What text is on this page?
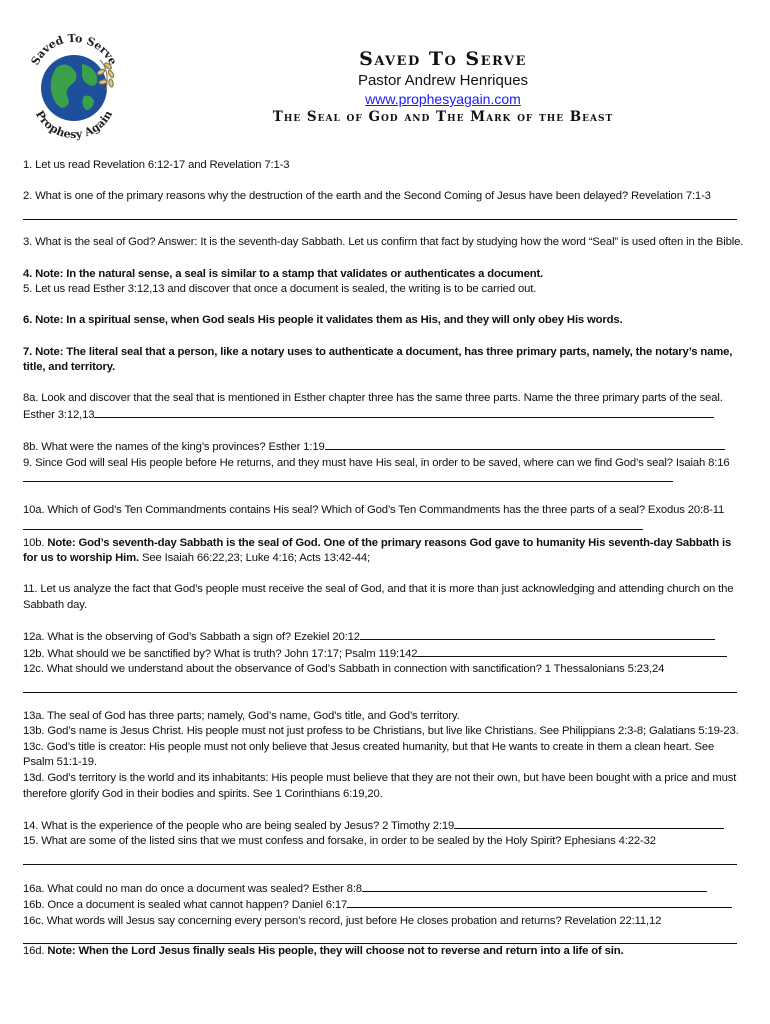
Saved To Serve
Prophesy Again
Saved To Serve
Pastor Andrew Henriques
www.prophesyagain.com
The Seal of God and The Mark of the Beast

1. Let us read Revelation 6:12-17 and Revelation 7:1-3

2. What is one of the primary reasons why the destruction of the earth and the Second Coming of Jesus have been delayed? Revelation 7:1-3

3. What is the seal of God? Answer: It is the seventh-day Sabbath. Let us confirm that fact by studying how the word “Seal” is used often in the Bible.

4. Note: In the natural sense, a seal is similar to a stamp that validates or authenticates a document.

5. Let us read Esther 3:12,13 and discover that once a document is sealed, the writing is to be carried out.

6. Note: In a spiritual sense, when God seals His people it validates them as His, and they will only obey His words.

7. Note: The literal seal that a person, like a notary uses to authenticate a document, has three primary parts, namely, the notary’s name, title, and territory.

8a. Look and discover that the seal that is mentioned in Esther chapter three has the same three parts. Name the three primary parts of the seal. Esther 3:12,13

8b. What were the names of the king’s provinces? Esther 1:19

9. Since God will seal His people before He returns, and they must have His seal, in order to be saved, where can we find God’s seal? Isaiah 8:16

10a. Which of God’s Ten Commandments contains His seal? Which of God’s Ten Commandments has the three parts of a seal? Exodus 20:8-11

10b. Note: God’s seventh-day Sabbath is the seal of God. One of the primary reasons God gave to humanity His seventh-day Sabbath is for us to worship Him. See Isaiah 66:22,23; Luke 4:16; Acts 13:42-44;

11. Let us analyze the fact that God’s people must receive the seal of God, and that it is more than just acknowledging and attending church on the Sabbath day.

12a. What is the observing of God’s Sabbath a sign of? Ezekiel 20:12

12b. What should we be sanctified by? What is truth? John 17:17; Psalm 119:142

12c. What should we understand about the observance of God’s Sabbath in connection with sanctification? 1 Thessalonians 5:23,24

13a. The seal of God has three parts; namely, God’s name, God’s title, and God’s territory.

13b. God’s name is Jesus Christ. His people must not just profess to be Christians, but live like Christians. See Philippians 2:3-8; Galatians 5:19-23.

13c. God’s title is creator: His people must not only believe that Jesus created humanity, but that He wants to create in them a clean heart. See Psalm 51:1-19.

13d. God’s territory is the world and its inhabitants: His people must believe that they are not their own, but have been bought with a price and must therefore glorify God in their bodies and spirits. See 1 Corinthians 6:19,20.

14. What is the experience of the people who are being sealed by Jesus? 2 Timothy 2:19

15. What are some of the listed sins that we must confess and forsake, in order to be sealed by the Holy Spirit? Ephesians 4:22-32

16a. What could no man do once a document was sealed? Esther 8:8

16b. Once a document is sealed what cannot happen? Daniel 6:17

16c. What words will Jesus say concerning every person’s record, just before He closes probation and returns? Revelation 22:11,12

16d. Note: When the Lord Jesus finally seals His people, they will choose not to reverse and return into a life of sin.
